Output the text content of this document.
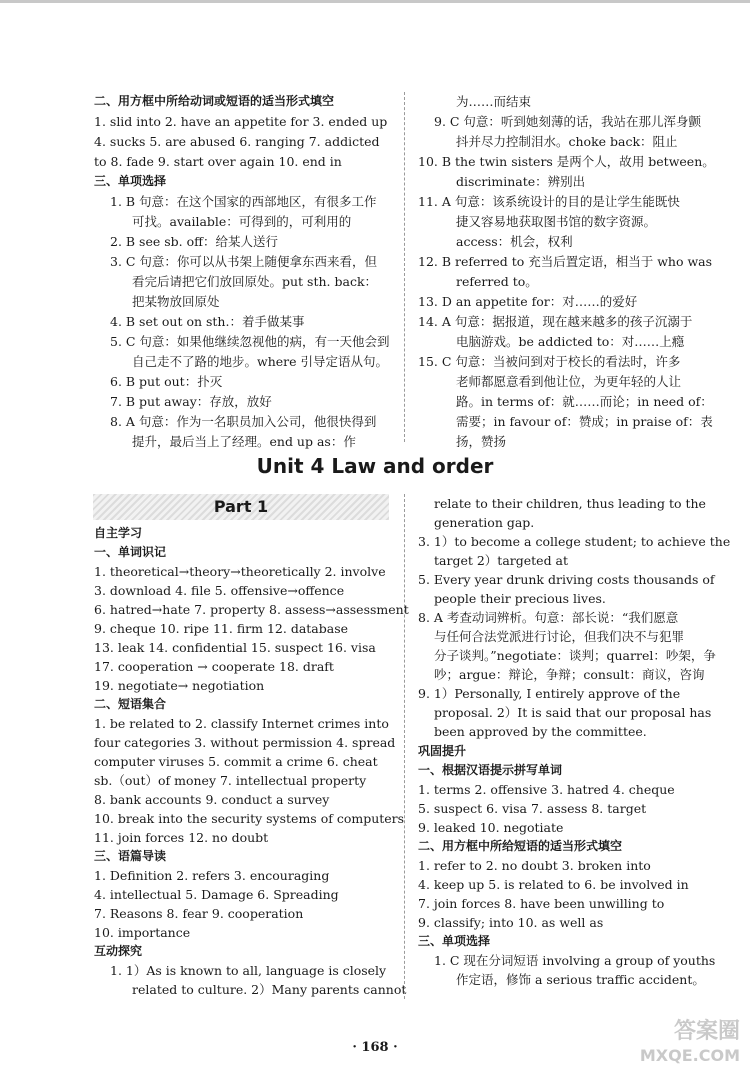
二、用方框中所给动词或短语的适当形式填空
1. slid into 2. have an appetite for 3. ended up
4. sucks 5. are abused 6. ranging 7. addicted
to 8. fade 9. start over again 10. end in
三、单项选择
1. B 句意：在这个国家的西部地区，有很多工作
可找。available：可得到的，可利用的
2. B see sb. off：给某人送行
3. C 句意：你可以从书架上随便拿东西来看，但
看完后请把它们放回原处。put sth. back：
把某物放回原处
4. B set out on sth.：着手做某事
5. C 句意：如果他继续忽视他的病，有一天他会到
自己走不了路的地步。where 引导定语从句。
6. B put out：扑灭
7. B put away：存放，放好
8. A 句意：作为一名职员加入公司，他很快得到
提升，最后当上了经理。end up as：作
为……而结束
9. C 句意：听到她刻薄的话，我站在那儿浑身颤
抖并尽力控制泪水。choke back：阻止
10. B the twin sisters 是两个人，故用 between。
discriminate：辨别出
11. A 句意：该系统设计的目的是让学生能既快
捷又容易地获取图书馆的数字资源。
access：机会，权利
12. B referred to 充当后置定语，相当于 who was
referred to。
13. D an appetite for：对……的爱好
14. A 句意：据报道，现在越来越多的孩子沉溺于
电脑游戏。be addicted to：对……上瘾
15. C 句意：当被问到对于校长的看法时，许多
老师都愿意看到他让位，为更年轻的人让
路。in terms of：就……而论；in need of：
需要；in favour of：赞成；in praise of：表
扬，赞扬
Unit 4 Law and order
Part 1
自主学习
一、单词识记
1. theoretical→theory→theoretically 2. involve
3. download 4. file 5. offensive→offence
6. hatred→hate 7. property 8. assess→assessment
9. cheque 10. ripe 11. firm 12. database
13. leak 14. confidential 15. suspect 16. visa
17. cooperation → cooperate 18. draft
19. negotiate→ negotiation
二、短语集合
1. be related to 2. classify Internet crimes into
four categories 3. without permission 4. spread
computer viruses 5. commit a crime 6. cheat
sb.（out）of money 7. intellectual property
8. bank accounts 9. conduct a survey
10. break into the security systems of computers
11. join forces 12. no doubt
三、语篇导读
1. Definition 2. refers 3. encouraging
4. intellectual 5. Damage 6. Spreading
7. Reasons 8. fear 9. cooperation
10. importance
互动探究
1. 1）As is known to all, language is closely
related to culture. 2）Many parents cannot
relate to their children, thus leading to the
generation gap.
3. 1）to become a college student; to achieve the
target 2）targeted at
5. Every year drunk driving costs thousands of
people their precious lives.
8. A 考查动词辨析。句意：部长说：“我们愿意
与任何合法党派进行讨论，但我们决不与犯罪
分子谈判。”negotiate：谈判；quarrel：吵架，争
吵；argue：辩论，争辩；consult：商议，咨询
9. 1）Personally, I entirely approve of the
proposal. 2）It is said that our proposal has
been approved by the committee.
巩固提升
一、根据汉语提示拼写单词
1. terms 2. offensive 3. hatred 4. cheque
5. suspect 6. visa 7. assess 8. target
9. leaked 10. negotiate
二、用方框中所给短语的适当形式填空
1. refer to 2. no doubt 3. broken into
4. keep up 5. is related to 6. be involved in
7. join forces 8. have been unwilling to
9. classify; into 10. as well as
三、单项选择
1. C 现在分词短语 involving a group of youths
作定语，修饰 a serious traffic accident。
· 168 ·
答案圈
MXQE.COM
